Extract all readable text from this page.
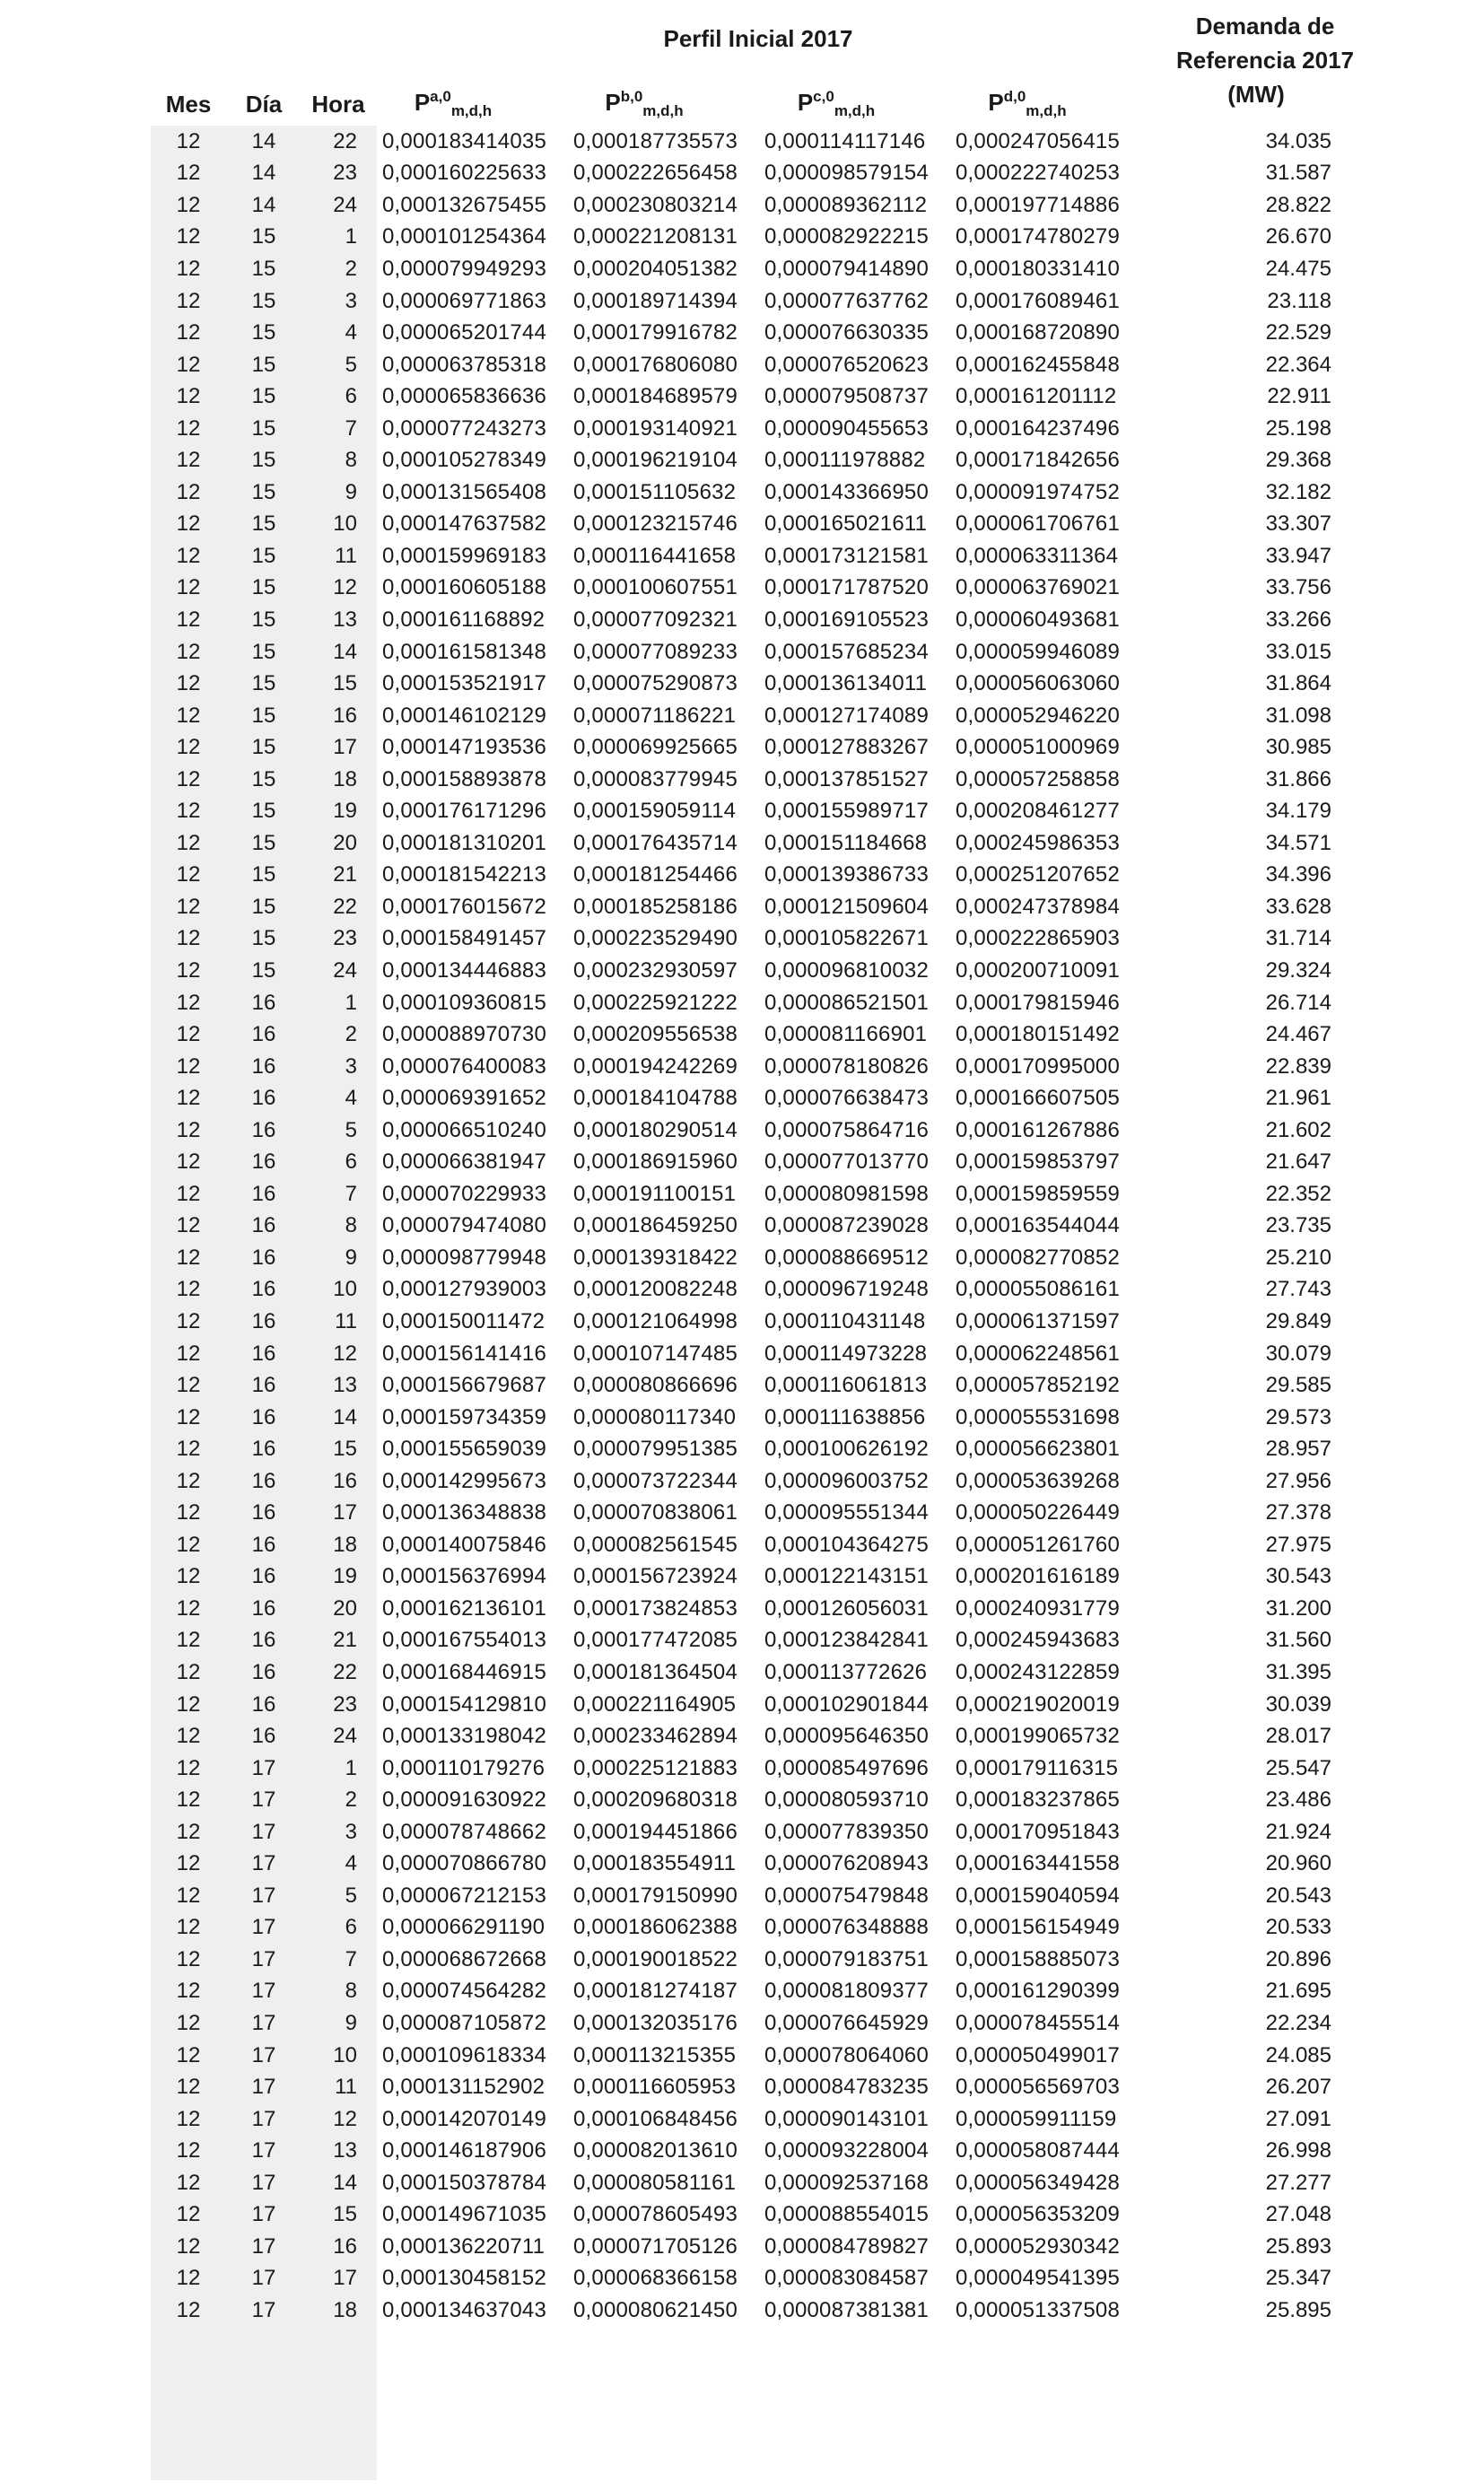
Perfil Inicial 2017	Demanda de
Referencia 2017
(MW)
Mes Día Hora P$^{a,0}_{m,d,h}$	P$^{b,0}_{m,d,h}$	P$^{c,0}_{m,d,h}$	P$^{d,0}_{m,d,h}$
12	14	22	0,000183414035	0,000187735573	0,000114117146	0,000247056415	34.035
12	14	23	0,000160225633	0,000222656458	0,000098579154	0,000222740253	31.587
12	14	24	0,000132675455	0,000230803214	0,000089362112	0,000197714886	28.822
12	15	1	0,000101254364	0,000221208131	0,000082922215	0,000174780279	26.670
12	15	2	0,000079949293	0,000204051382	0,000079414890	0,000180331410	24.475
12	15	3	0,000069771863	0,000189714394	0,000077637762	0,000176089461	23.118
12	15	4	0,000065201744	0,000179916782	0,000076630335	0,000168720890	22.529
12	15	5	0,000063785318	0,000176806080	0,000076520623	0,000162455848	22.364
12	15	6	0,000065836636	0,000184689579	0,000079508737	0,000161201112	22.911
12	15	7	0,000077243273	0,000193140921	0,000090455653	0,000164237496	25.198
12	15	8	0,000105278349	0,000196219104	0,000111978882	0,000171842656	29.368
12	15	9	0,000131565408	0,000151105632	0,000143366950	0,000091974752	32.182
12	15	10	0,000147637582	0,000123215746	0,000165021611	0,000061706761	33.307
12	15	11	0,000159969183	0,000116441658	0,000173121581	0,000063311364	33.947
12	15	12	0,000160605188	0,000100607551	0,000171787520	0,000063769021	33.756
12	15	13	0,000161168892	0,000077092321	0,000169105523	0,000060493681	33.266
12	15	14	0,000161581348	0,000077089233	0,000157685234	0,000059946089	33.015
12	15	15	0,000153521917	0,000075290873	0,000136134011	0,000056063060	31.864
12	15	16	0,000146102129	0,000071186221	0,000127174089	0,000052946220	31.098
12	15	17	0,000147193536	0,000069925665	0,000127883267	0,000051000969	30.985
12	15	18	0,000158893878	0,000083779945	0,000137851527	0,000057258858	31.866
12	15	19	0,000176171296	0,000159059114	0,000155989717	0,000208461277	34.179
12	15	20	0,000181310201	0,000176435714	0,000151184668	0,000245986353	34.571
12	15	21	0,000181542213	0,000181254466	0,000139386733	0,000251207652	34.396
12	15	22	0,000176015672	0,000185258186	0,000121509604	0,000247378984	33.628
12	15	23	0,000158491457	0,000223529490	0,000105822671	0,000222865903	31.714
12	15	24	0,000134446883	0,000232930597	0,000096810032	0,000200710091	29.324
12	16	1	0,000109360815	0,000225921222	0,000086521501	0,000179815946	26.714
12	16	2	0,000088970730	0,000209556538	0,000081166901	0,000180151492	24.467
12	16	3	0,000076400083	0,000194242269	0,000078180826	0,000170995000	22.839
12	16	4	0,000069391652	0,000184104788	0,000076638473	0,000166607505	21.961
12	16	5	0,000066510240	0,000180290514	0,000075864716	0,000161267886	21.602
12	16	6	0,000066381947	0,000186915960	0,000077013770	0,000159853797	21.647
12	16	7	0,000070229933	0,000191100151	0,000080981598	0,000159859559	22.352
12	16	8	0,000079474080	0,000186459250	0,000087239028	0,000163544044	23.735
12	16	9	0,000098779948	0,000139318422	0,000088669512	0,000082770852	25.210
12	16	10	0,000127939003	0,000120082248	0,000096719248	0,000055086161	27.743
12	16	11	0,000150011472	0,000121064998	0,000110431148	0,000061371597	29.849
12	16	12	0,000156141416	0,000107147485	0,000114973228	0,000062248561	30.079
12	16	13	0,000156679687	0,000080866696	0,000116061813	0,000057852192	29.585
12	16	14	0,000159734359	0,000080117340	0,000111638856	0,000055531698	29.573
12	16	15	0,000155659039	0,000079951385	0,000100626192	0,000056623801	28.957
12	16	16	0,000142995673	0,000073722344	0,000096003752	0,000053639268	27.956
12	16	17	0,000136348838	0,000070838061	0,000095551344	0,000050226449	27.378
12	16	18	0,000140075846	0,000082561545	0,000104364275	0,000051261760	27.975
12	16	19	0,000156376994	0,000156723924	0,000122143151	0,000201616189	30.543
12	16	20	0,000162136101	0,000173824853	0,000126056031	0,000240931779	31.200
12	16	21	0,000167554013	0,000177472085	0,000123842841	0,000245943683	31.560
12	16	22	0,000168446915	0,000181364504	0,000113772626	0,000243122859	31.395
12	16	23	0,000154129810	0,000221164905	0,000102901844	0,000219020019	30.039
12	16	24	0,000133198042	0,000233462894	0,000095646350	0,000199065732	28.017
12	17	1	0,000110179276	0,000225121883	0,000085497696	0,000179116315	25.547
12	17	2	0,000091630922	0,000209680318	0,000080593710	0,000183237865	23.486
12	17	3	0,000078748662	0,000194451866	0,000077839350	0,000170951843	21.924
12	17	4	0,000070866780	0,000183554911	0,000076208943	0,000163441558	20.960
12	17	5	0,000067212153	0,000179150990	0,000075479848	0,000159040594	20.543
12	17	6	0,000066291190	0,000186062388	0,000076348888	0,000156154949	20.533
12	17	7	0,000068672668	0,000190018522	0,000079183751	0,000158885073	20.896
12	17	8	0,000074564282	0,000181274187	0,000081809377	0,000161290399	21.695
12	17	9	0,000087105872	0,000132035176	0,000076645929	0,000078455514	22.234
12	17	10	0,000109618334	0,000113215355	0,000078064060	0,000050499017	24.085
12	17	11	0,000131152902	0,000116605953	0,000084783235	0,000056569703	26.207
12	17	12	0,000142070149	0,000106848456	0,000090143101	0,000059911159	27.091
12	17	13	0,000146187906	0,000082013610	0,000093228004	0,000058087444	26.998
12	17	14	0,000150378784	0,000080581161	0,000092537168	0,000056349428	27.277
12	17	15	0,000149671035	0,000078605493	0,000088554015	0,000056353209	27.048
12	17	16	0,000136220711	0,000071705126	0,000084789827	0,000052930342	25.893
12	17	17	0,000130458152	0,000068366158	0,000083084587	0,000049541395	25.347
12	17	18	0,000134637043	0,000080621450	0,000087381381	0,000051337508	25.895
